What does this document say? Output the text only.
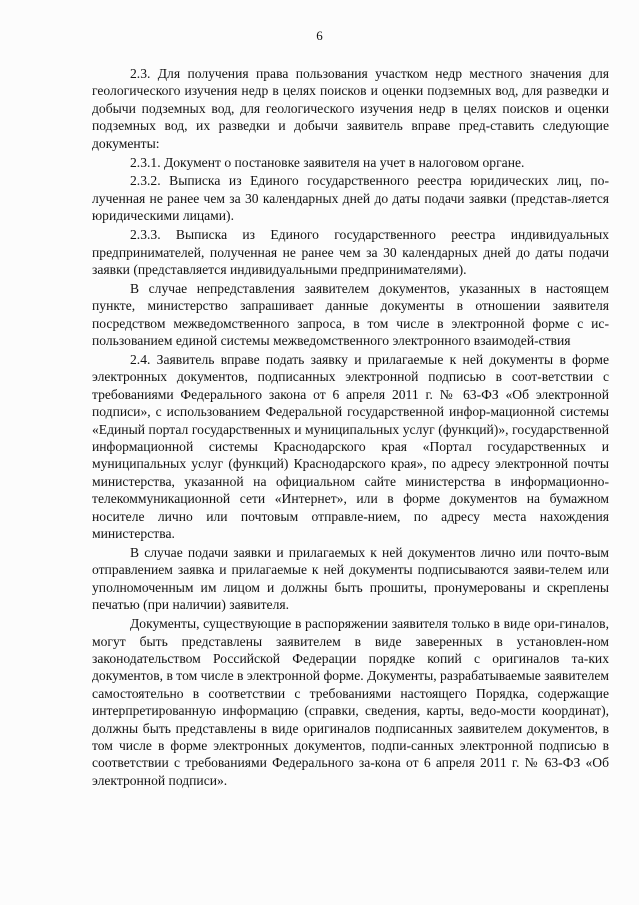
6

2.3. Для получения права пользования участком недр местного значения для геологического изучения недр в целях поисков и оценки подземных вод, для разведки и добычи подземных вод, для геологического изучения недр в целях поисков и оценки подземных вод, их разведки и добычи заявитель вправе пред-ставить следующие документы:

2.3.1. Документ о постановке заявителя на учет в налоговом органе.

2.3.2. Выписка из Единого государственного реестра юридических лиц, по-лученная не ранее чем за 30 календарных дней до даты подачи заявки (представ-ляется юридическими лицами).

2.3.3. Выписка из Единого государственного реестра индивидуальных предпринимателей, полученная не ранее чем за 30 календарных дней до даты подачи заявки (представляется индивидуальными предпринимателями).

В случае непредставления заявителем документов, указанных в настоящем пункте, министерство запрашивает данные документы в отношении заявителя посредством межведомственного запроса, в том числе в электронной форме с ис-пользованием единой системы межведомственного электронного взаимодей-ствия

2.4. Заявитель вправе подать заявку и прилагаемые к ней документы в форме электронных документов, подписанных электронной подписью в соот-ветствии с требованиями Федерального закона от 6 апреля 2011 г. № 63-ФЗ «Об электронной подписи», с использованием Федеральной государственной инфор-мационной системы «Единый портал государственных и муниципальных услуг (функций)», государственной информационной системы Краснодарского края «Портал государственных и муниципальных услуг (функций) Краснодарского края», по адресу электронной почты министерства, указанной на официальном сайте министерства в информационно-телекоммуникационной сети «Интернет», или в форме документов на бумажном носителе лично или почтовым отправле-нием, по адресу места нахождения министерства.

В случае подачи заявки и прилагаемых к ней документов лично или почто-вым отправлением заявка и прилагаемые к ней документы подписываются заяви-телем или уполномоченным им лицом и должны быть прошиты, пронумерованы и скреплены печатью (при наличии) заявителя.

Документы, существующие в распоряжении заявителя только в виде ори-гиналов, могут быть представлены заявителем в виде заверенных в установлен-ном законодательством Российской Федерации порядке копий с оригиналов та-ких документов, в том числе в электронной форме. Документы, разрабатываемые заявителем самостоятельно в соответствии с требованиями настоящего Порядка, содержащие интерпретированную информацию (справки, сведения, карты, ведо-мости координат), должны быть представлены в виде оригиналов подписанных заявителем документов, в том числе в форме электронных документов, подпи-санных электронной подписью в соответствии с требованиями Федерального за-кона от 6 апреля 2011 г. № 63-ФЗ «Об электронной подписи».
